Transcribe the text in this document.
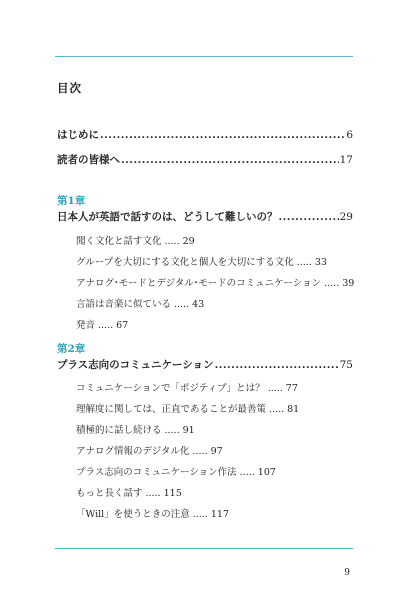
目次
はじめに .....	6
読者の皆様へ .....	17
第1章
日本人が英語で話すのは、どうして難しいの？ .....	29
聞く文化と話す文化 ..... 29
グループを大切にする文化と個人を大切にする文化 ..... 33
アナログ･モードとデジタル･モードのコミュニケーション ..... 39
言語は音楽に似ている ..... 43
発音 ..... 67
第2章
プラス志向のコミュニケーション .....	75
コミュニケーションで「ポジティブ」とは？ ..... 77
理解度に関しては、正直であることが最善策 ..... 81
積極的に話し続ける ..... 91
アナログ情報のデジタル化 ..... 97
プラス志向のコミュニケーション作法 ..... 107
もっと長く話す ..... 115
「Will」を使うときの注意 ..... 117
9
